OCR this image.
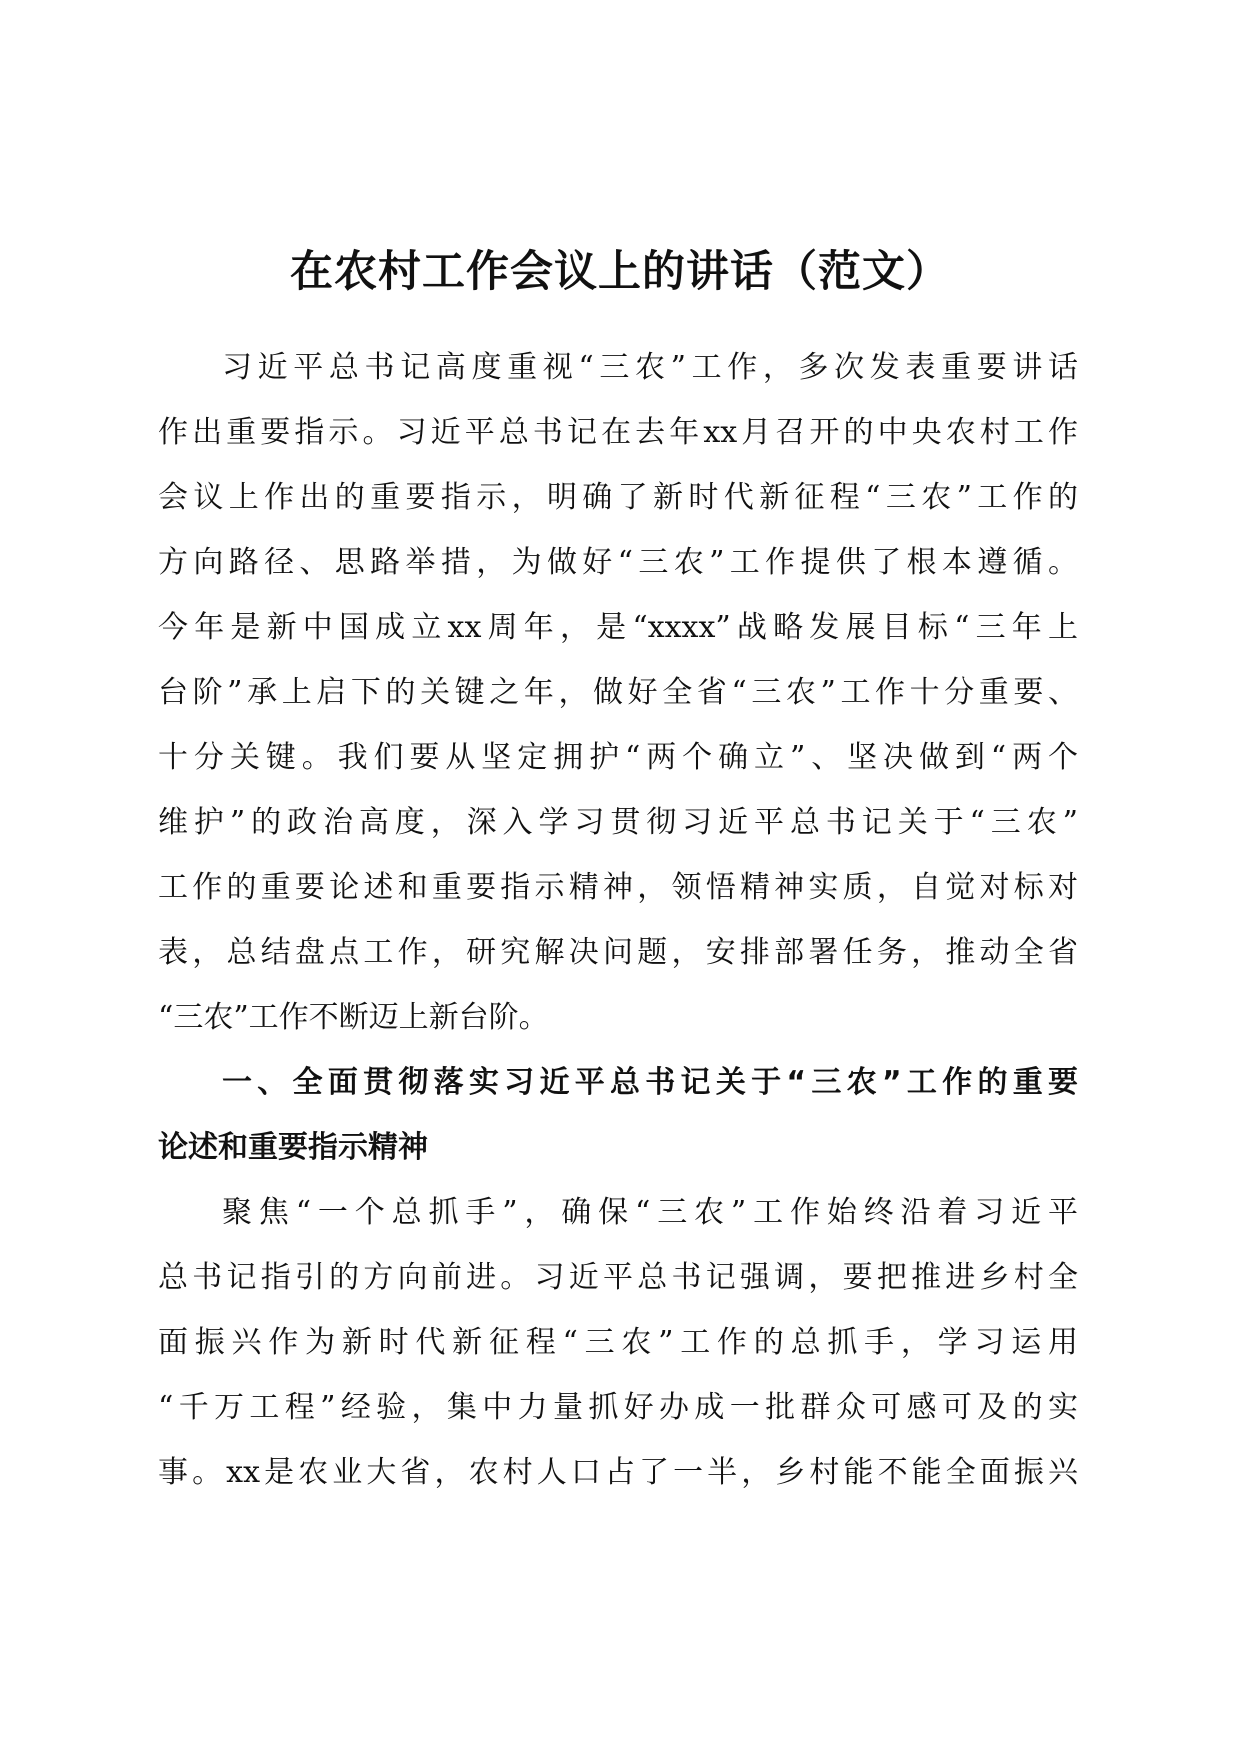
在农村工作会议上的讲话（范文）
习近平总书记高度重视“三农”工作，多次发表重要讲话
作出重要指示。习近平总书记在去年xx月召开的中央农村工作
会议上作出的重要指示，明确了新时代新征程“三农”工作的
方向路径、思路举措，为做好“三农”工作提供了根本遵循。
今年是新中国成立xx周年，是“xxxx”战略发展目标“三年上
台阶”承上启下的关键之年，做好全省“三农”工作十分重要、
十分关键。我们要从坚定拥护“两个确立”、坚决做到“两个
维护”的政治高度，深入学习贯彻习近平总书记关于“三农”
工作的重要论述和重要指示精神，领悟精神实质，自觉对标对
表，总结盘点工作，研究解决问题，安排部署任务，推动全省
“三农”工作不断迈上新台阶。
一、全面贯彻落实习近平总书记关于“三农”工作的重要
论述和重要指示精神
聚焦“一个总抓手”，确保“三农”工作始终沿着习近平
总书记指引的方向前进。习近平总书记强调，要把推进乡村全
面振兴作为新时代新征程“三农”工作的总抓手，学习运用
“千万工程”经验，集中力量抓好办成一批群众可感可及的实
事。xx是农业大省，农村人口占了一半，乡村能不能全面振兴
